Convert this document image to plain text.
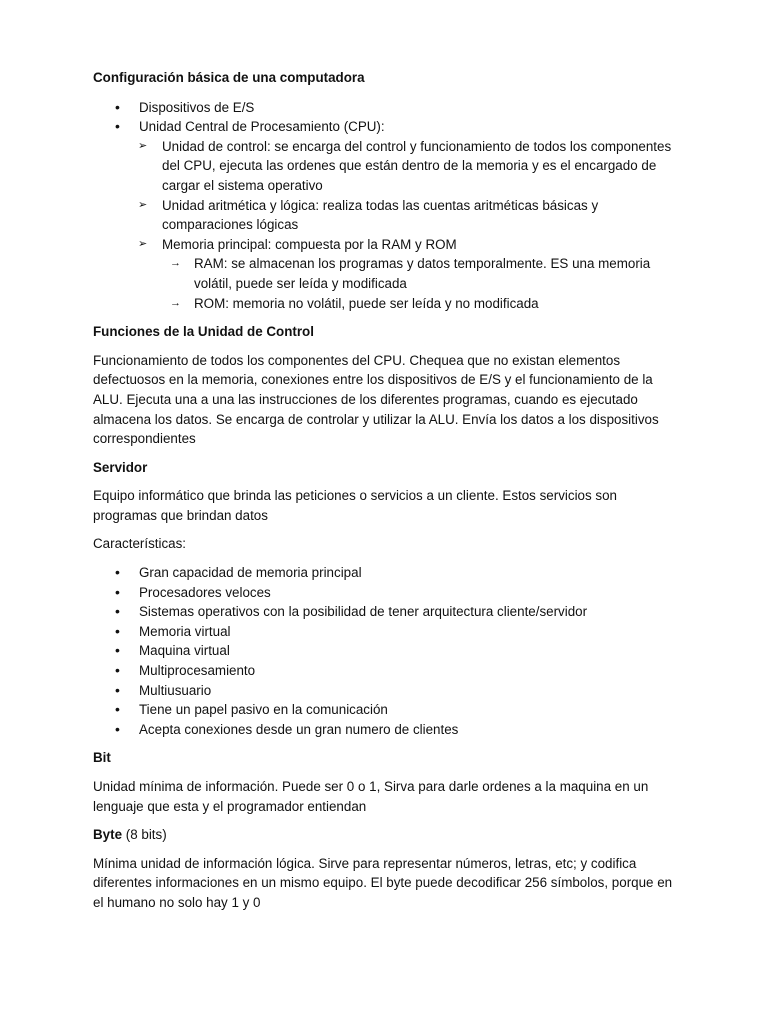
Configuración básica de una computadora
• Dispositivos de E/S
• Unidad Central de Procesamiento (CPU):
➢ Unidad de control: se encarga del control y funcionamiento de todos los componentes del CPU, ejecuta las ordenes que están dentro de la memoria y es el encargado de cargar el sistema operativo
➢ Unidad aritmética y lógica: realiza todas las cuentas aritméticas básicas y comparaciones lógicas
➢ Memoria principal: compuesta por la RAM y ROM
→ RAM: se almacenan los programas y datos temporalmente. ES una memoria volátil, puede ser leída y modificada
→ ROM: memoria no volátil, puede ser leída y no modificada
Funciones de la Unidad de Control

Funcionamiento de todos los componentes del CPU. Chequea que no existan elementos defectuosos en la memoria, conexiones entre los dispositivos de E/S y el funcionamiento de la ALU. Ejecuta una a una las instrucciones de los diferentes programas, cuando es ejecutado almacena los datos. Se encarga de controlar y utilizar la ALU. Envía los datos a los dispositivos correspondientes

Servidor

Equipo informático que brinda las peticiones o servicios a un cliente. Estos servicios son programas que brindan datos

Características:

• Gran capacidad de memoria principal
• Procesadores veloces
• Sistemas operativos con la posibilidad de tener arquitectura cliente/servidor
• Memoria virtual
• Maquina virtual
• Multiprocesamiento
• Multiusuario
• Tiene un papel pasivo en la comunicación
• Acepta conexiones desde un gran numero de clientes
Bit

Unidad mínima de información. Puede ser 0 o 1, Sirva para darle ordenes a la maquina en un lenguaje que esta y el programador entiendan

Byte (8 bits)

Mínima unidad de información lógica. Sirve para representar números, letras, etc; y codifica diferentes informaciones en un mismo equipo. El byte puede decodificar 256 símbolos, porque en el humano no solo hay 1 y 0
